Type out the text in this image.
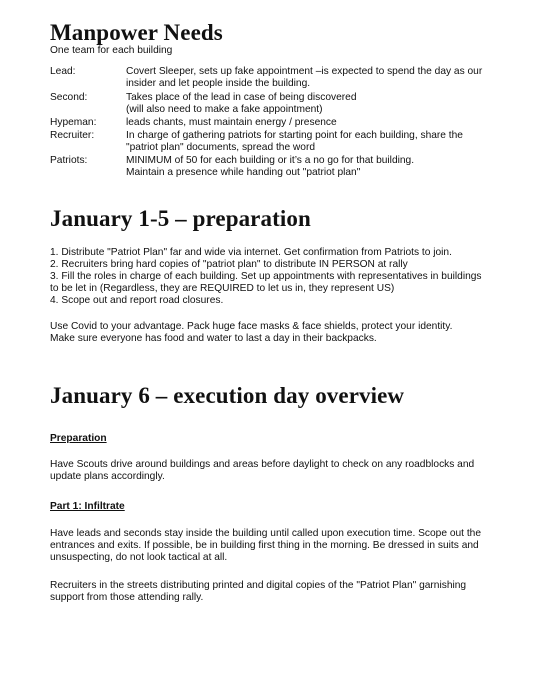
Manpower Needs

One team for each building

Lead:	Covert Sleeper, sets up fake appointment –is expected to spend the day as our
insider and let people inside the building.
Second:	Takes place of the lead in case of being discovered
(will also need to make a fake appointment)
Hypeman:	leads chants, must maintain energy / presence
Recruiter:	In charge of gathering patriots for starting point for each building, share the
"patriot plan" documents, spread the word
Patriots:	MINIMUM of 50 for each building or it’s a no go for that building.
Maintain a presence while handing out "patriot plan"
January 1-5 – preparation

1. Distribute "Patriot Plan" far and wide via internet. Get confirmation from Patriots to join.

2. Recruiters bring hard copies of "patriot plan" to distribute IN PERSON at rally

3. Fill the roles in charge of each building. Set up appointments with representatives in buildings

to be let in (Regardless, they are REQUIRED to let us in, they represent US)

4. Scope out and report road closures.

Use Covid to your advantage. Pack huge face masks & face shields, protect your identity.

Make sure everyone has food and water to last a day in their backpacks.

January 6 – execution day overview

Preparation

Have Scouts drive around buildings and areas before daylight to check on any roadblocks and

update plans accordingly.

Part 1: Infiltrate

Have leads and seconds stay inside the building until called upon execution time. Scope out the

entrances and exits. If possible, be in building first thing in the morning. Be dressed in suits and

unsuspecting, do not look tactical at all.

Recruiters in the streets distributing printed and digital copies of the "Patriot Plan" garnishing

support from those attending rally.
